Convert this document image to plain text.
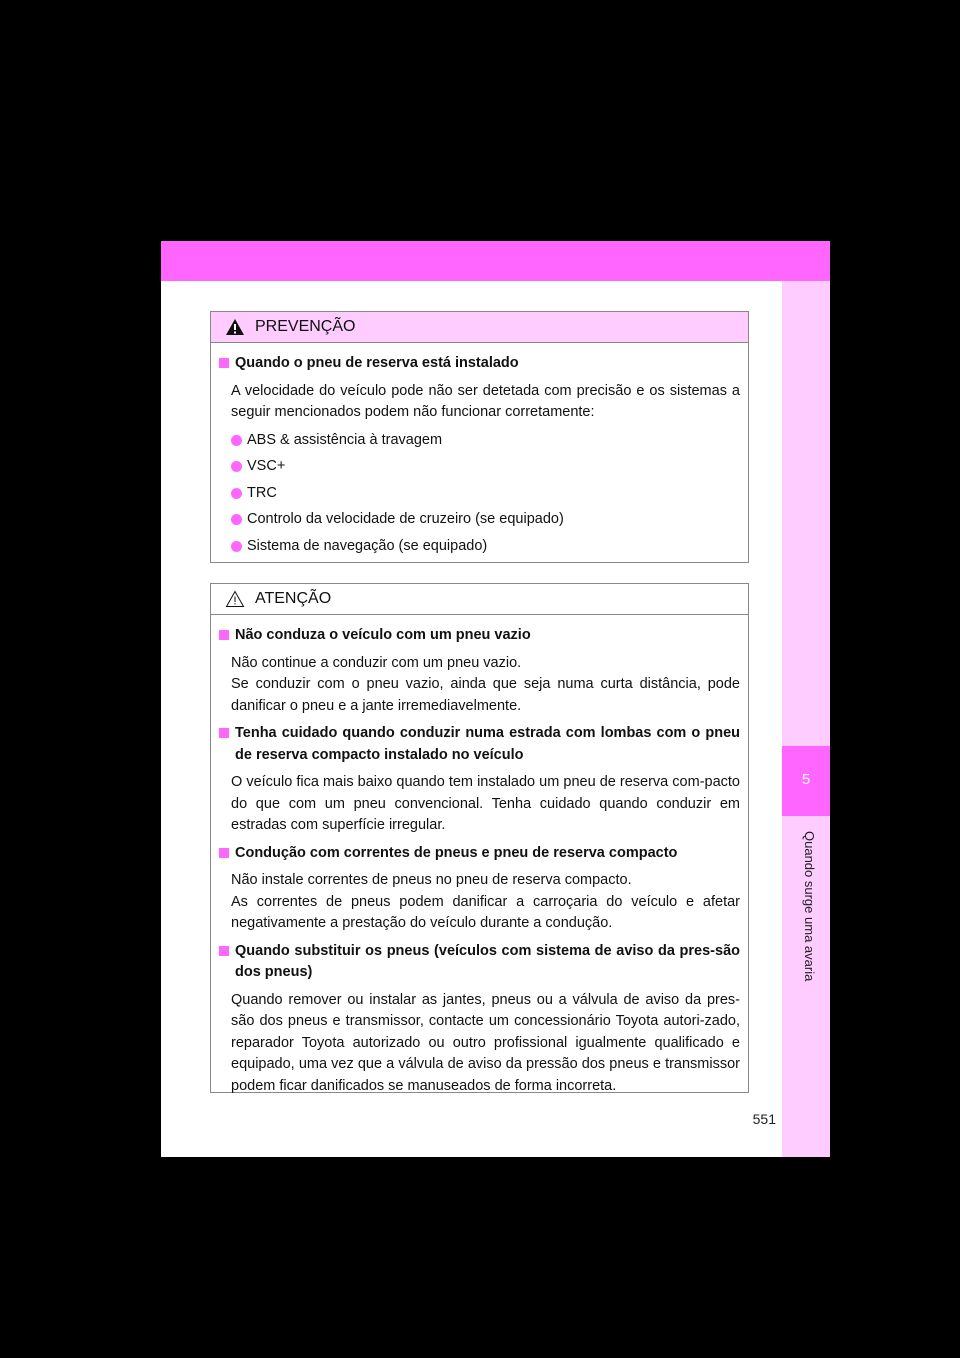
5
Quando surge uma avaria
PREVENÇÃO
Quando o pneu de reserva está instalado

A velocidade do veículo pode não ser detetada com precisão e os sistemas a seguir mencionados podem não funcionar corretamente:

ABS & assistência à travagem
VSC+
TRC
Controlo da velocidade de cruzeiro (se equipado)
Sistema de navegação (se equipado)
ATENÇÃO
Não conduza o veículo com um pneu vazio

Não continue a conduzir com um pneu vazio.

Se conduzir com o pneu vazio, ainda que seja numa curta distância, pode danificar o pneu e a jante irremediavelmente.

Tenha cuidado quando conduzir numa estrada com lombas com o pneu de reserva compacto instalado no veículo

O veículo fica mais baixo quando tem instalado um pneu de reserva com-pacto do que com um pneu convencional. Tenha cuidado quando conduzir em estradas com superfície irregular.

Condução com correntes de pneus e pneu de reserva compacto

Não instale correntes de pneus no pneu de reserva compacto.

As correntes de pneus podem danificar a carroçaria do veículo e afetar negativamente a prestação do veículo durante a condução.

Quando substituir os pneus (veículos com sistema de aviso da pres-são dos pneus)

Quando remover ou instalar as jantes, pneus ou a válvula de aviso da pres-são dos pneus e transmissor, contacte um concessionário Toyota autori-zado, reparador Toyota autorizado ou outro profissional igualmente qualificado e equipado, uma vez que a válvula de aviso da pressão dos pneus e transmissor podem ficar danificados se manuseados de forma incorreta.

551
